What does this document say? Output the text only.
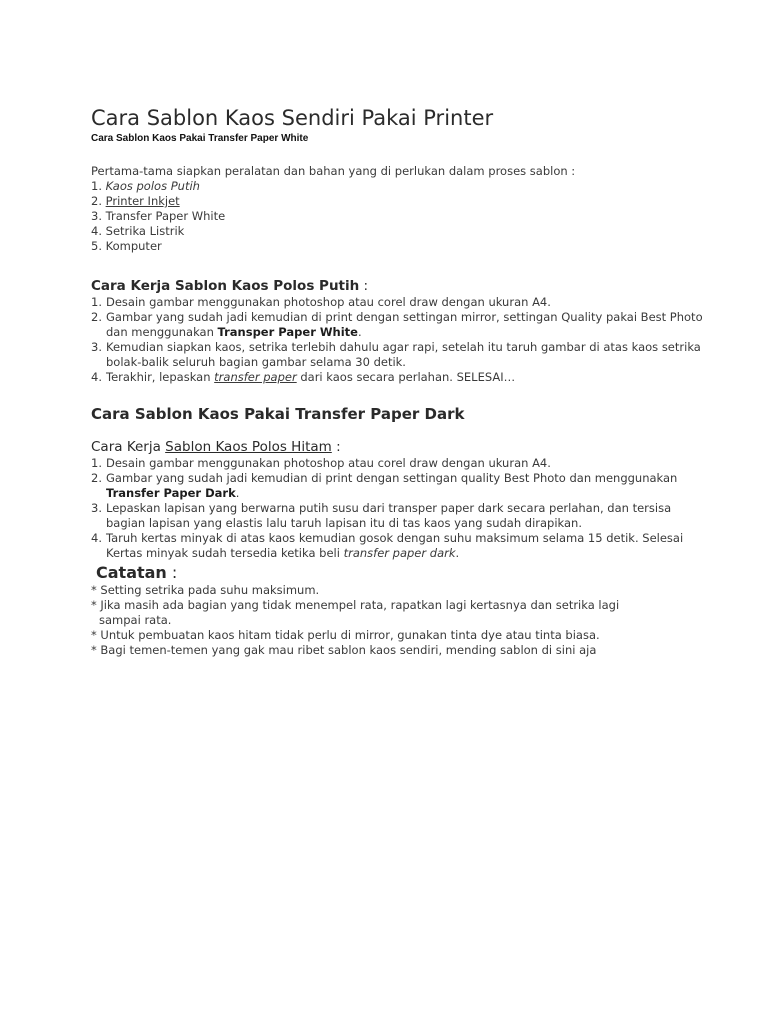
Cara Sablon Kaos Sendiri Pakai Printer

Cara Sablon Kaos Pakai Transfer Paper White

Pertama-tama siapkan peralatan dan bahan yang di perlukan dalam proses sablon :

1. Kaos polos Putih
2. Printer Inkjet
3. Transfer Paper White
4. Setrika Listrik
5. Komputer
Cara Kerja Sablon Kaos Polos Putih :
1. Desain gambar menggunakan photoshop atau corel draw dengan ukuran A4.
2. Gambar yang sudah jadi kemudian di print dengan settingan mirror, settingan Quality pakai Best Photo dan menggunakan Transper Paper White.
3. Kemudian siapkan kaos, setrika terlebih dahulu agar rapi, setelah itu taruh gambar di atas kaos setrika bolak-balik seluruh bagian gambar selama 30 detik.
4. Terakhir, lepaskan transfer paper dari kaos secara perlahan. SELESAI…
Cara Sablon Kaos Pakai Transfer Paper Dark
Cara Kerja Sablon Kaos Polos Hitam :
1. Desain gambar menggunakan photoshop atau corel draw dengan ukuran A4.
2. Gambar yang sudah jadi kemudian di print dengan settingan quality Best Photo dan menggunakan Transfer Paper Dark.
3. Lepaskan lapisan yang berwarna putih susu dari transper paper dark secara perlahan, dan tersisa bagian lapisan yang elastis lalu taruh lapisan itu di tas kaos yang sudah dirapikan.
4. Taruh kertas minyak di atas kaos kemudian gosok dengan suhu maksimum selama 15 detik. Selesai Kertas minyak sudah tersedia ketika beli transfer paper dark.
Catatan :
* Setting setrika pada suhu maksimum.
* Jika masih ada bagian yang tidak menempel rata, rapatkan lagi kertasnya dan setrika lagi
sampai rata.
* Untuk pembuatan kaos hitam tidak perlu di mirror, gunakan tinta dye atau tinta biasa.
* Bagi temen-temen yang gak mau ribet sablon kaos sendiri, mending sablon di sini aja
